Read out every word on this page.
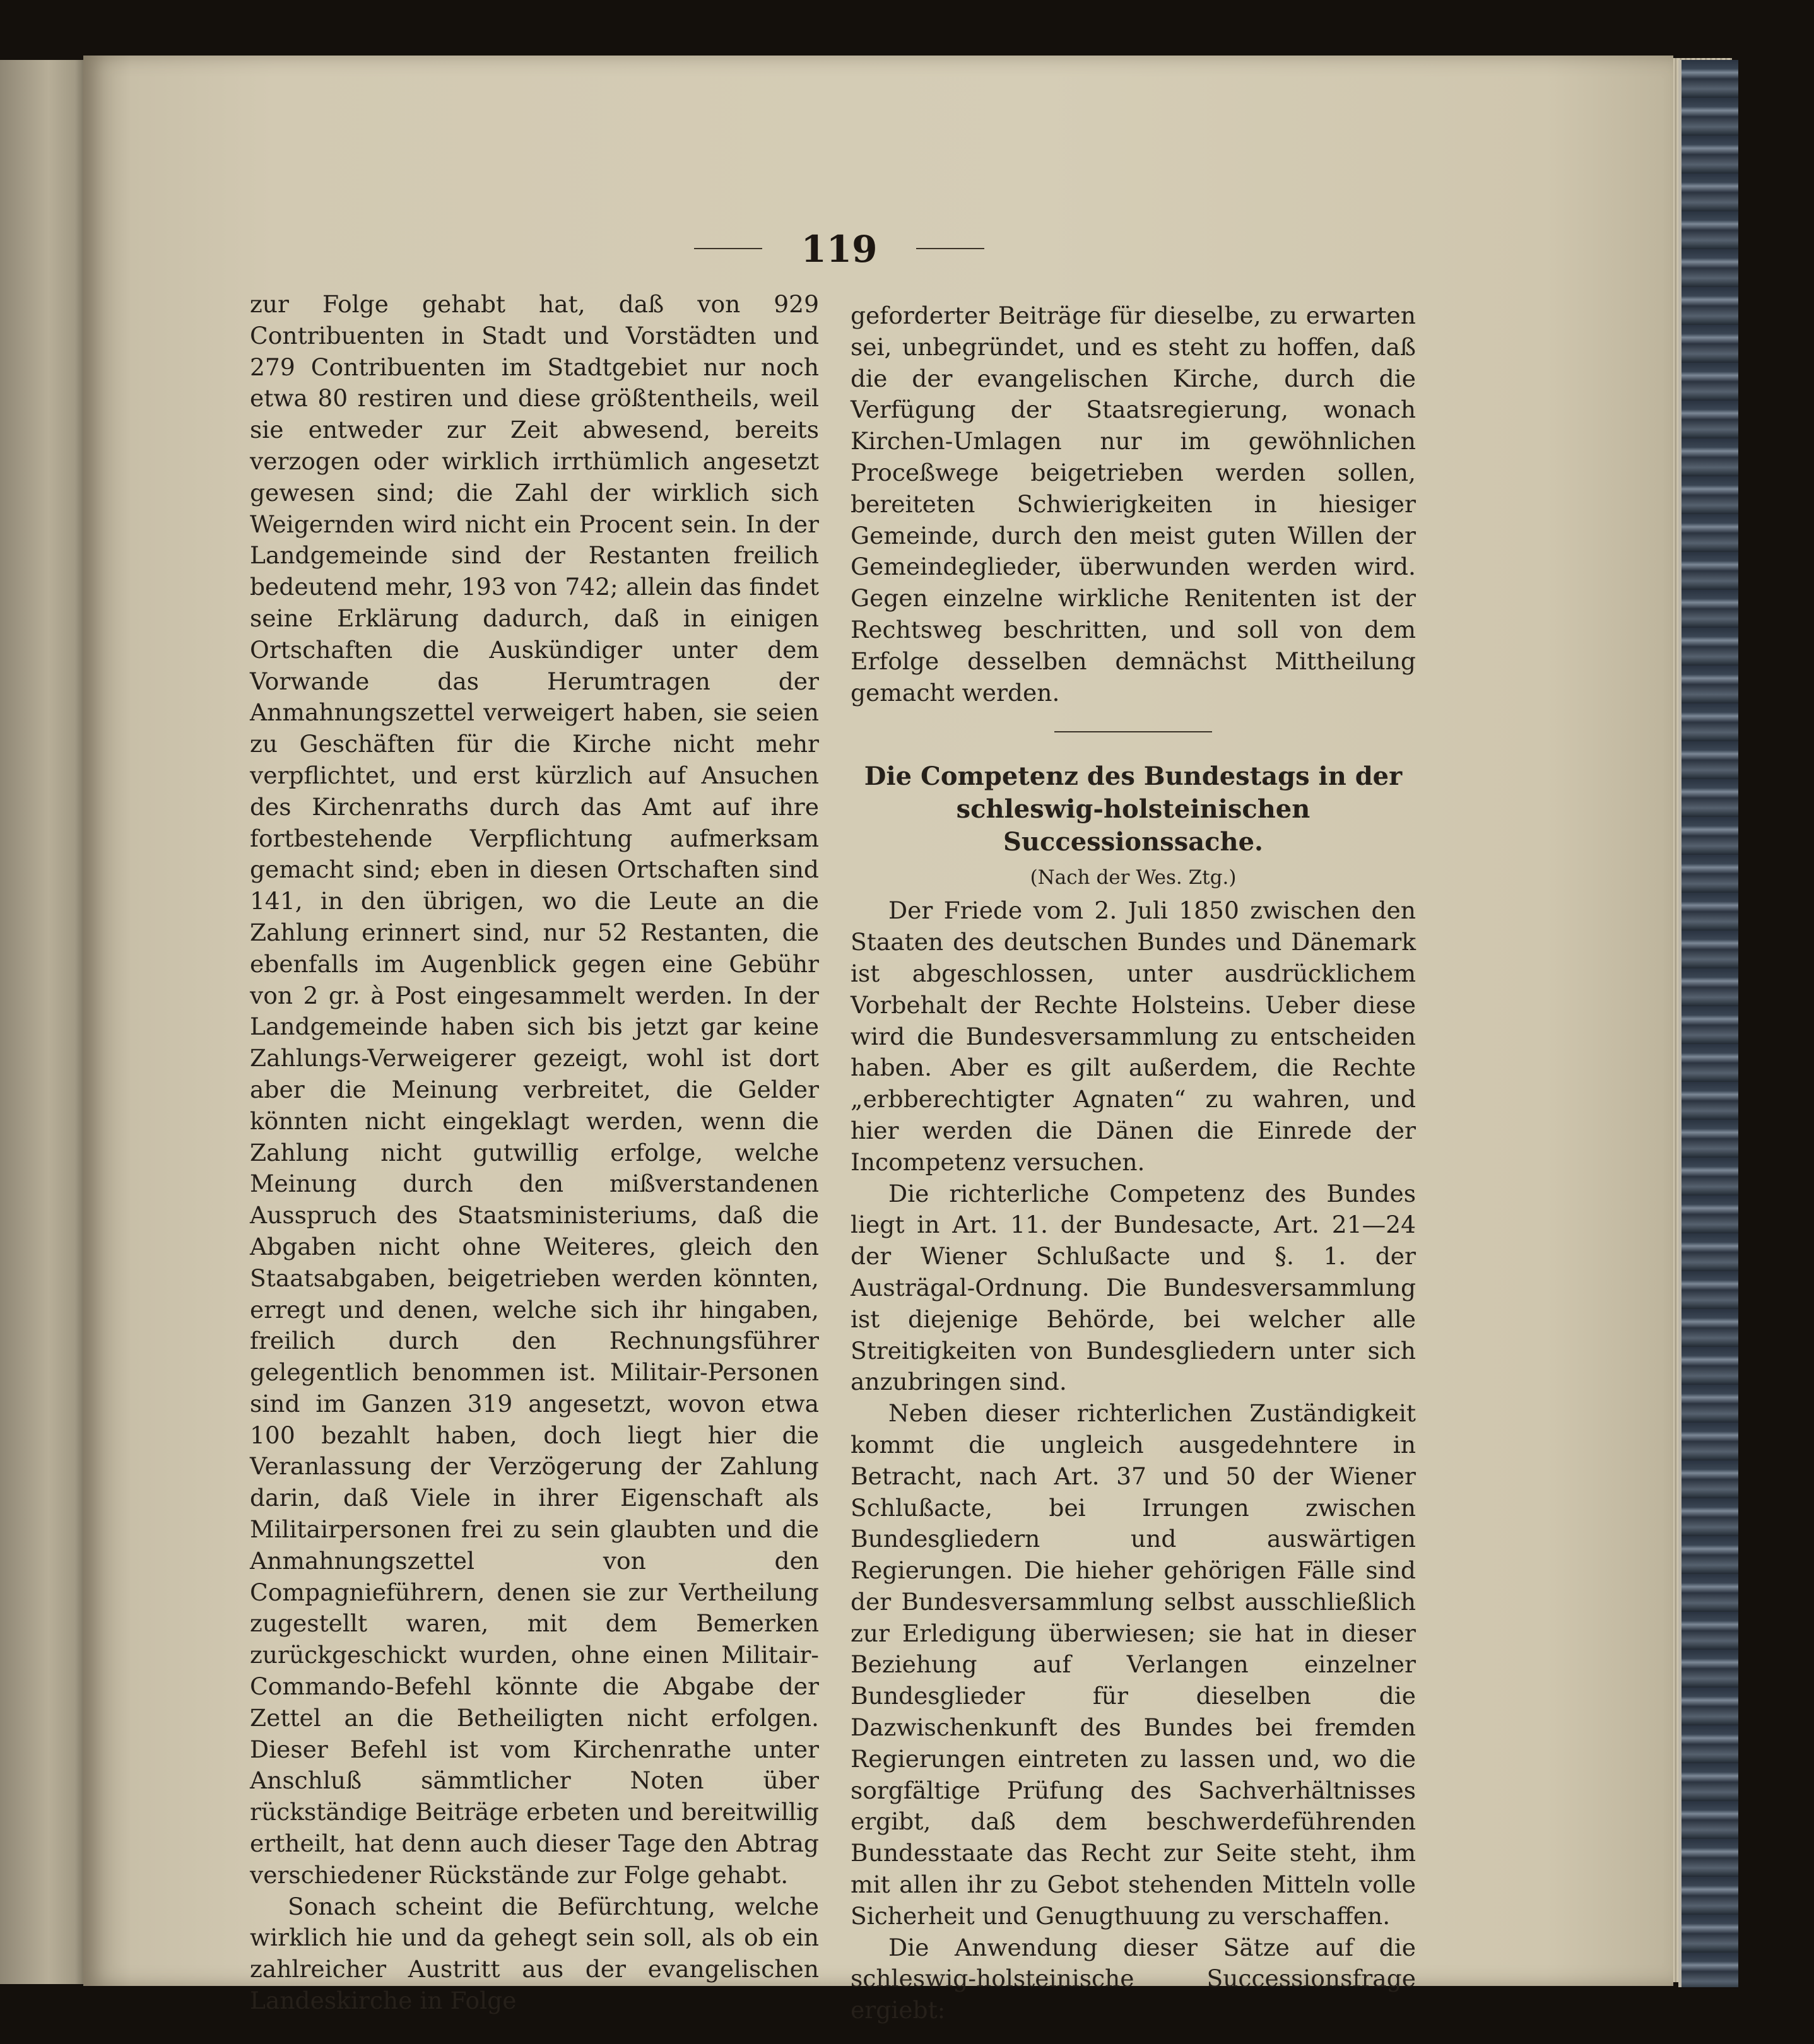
119

zur Folge gehabt hat, daß von 929 Contribuenten in Stadt und Vorstädten und 279 Contribuenten im Stadtgebiet nur noch etwa 80 restiren und diese größtentheils, weil sie entweder zur Zeit abwesend, bereits verzogen oder wirklich irrthümlich angesetzt gewesen sind; die Zahl der wirklich sich Weigernden wird nicht ein Procent sein. In der Landgemeinde sind der Restanten freilich bedeutend mehr, 193 von 742; allein das findet seine Erklärung dadurch, daß in einigen Ortschaften die Auskündiger unter dem Vorwande das Herumtragen der Anmahnungszettel verweigert haben, sie seien zu Geschäften für die Kirche nicht mehr verpflichtet, und erst kürzlich auf Ansuchen des Kirchenraths durch das Amt auf ihre fortbestehende Verpflichtung aufmerksam gemacht sind; eben in diesen Ortschaften sind 141, in den übrigen, wo die Leute an die Zahlung erinnert sind, nur 52 Restanten, die ebenfalls im Augenblick gegen eine Gebühr von 2 gr. à Post eingesammelt werden. In der Landgemeinde haben sich bis jetzt gar keine Zahlungs-Verweigerer gezeigt, wohl ist dort aber die Meinung verbreitet, die Gelder könnten nicht eingeklagt werden, wenn die Zahlung nicht gutwillig erfolge, welche Meinung durch den mißverstandenen Ausspruch des Staatsministeriums, daß die Abgaben nicht ohne Weiteres, gleich den Staatsabgaben, beigetrieben werden könnten, erregt und denen, welche sich ihr hingaben, freilich durch den Rechnungsführer gelegentlich benommen ist. Militair-Personen sind im Ganzen 319 angesetzt, wovon etwa 100 bezahlt haben, doch liegt hier die Veranlassung der Verzögerung der Zahlung darin, daß Viele in ihrer Eigenschaft als Militairpersonen frei zu sein glaubten und die Anmahnungszettel von den Compagnieführern, denen sie zur Vertheilung zugestellt waren, mit dem Bemerken zurückgeschickt wurden, ohne einen Militair-Commando-Befehl könnte die Abgabe der Zettel an die Betheiligten nicht erfolgen. Dieser Befehl ist vom Kirchenrathe unter Anschluß sämmtlicher Noten über rückständige Beiträge erbeten und bereitwillig ertheilt, hat denn auch dieser Tage den Abtrag verschiedener Rückstände zur Folge gehabt.

Sonach scheint die Befürchtung, welche wirklich hie und da gehegt sein soll, als ob ein zahlreicher Austritt aus der evangelischen Landeskirche in Folge

geforderter Beiträge für dieselbe, zu erwarten sei, unbegründet, und es steht zu hoffen, daß die der evangelischen Kirche, durch die Verfügung der Staatsregierung, wonach Kirchen-Umlagen nur im gewöhnlichen Proceßwege beigetrieben werden sollen, bereiteten Schwierigkeiten in hiesiger Gemeinde, durch den meist guten Willen der Gemeindeglieder, überwunden werden wird. Gegen einzelne wirkliche Renitenten ist der Rechtsweg beschritten, und soll von dem Erfolge desselben demnächst Mittheilung gemacht werden.

Die Competenz des Bundestags in der schleswig-holsteinischen Successionssache.
(Nach der Wes. Ztg.)

Der Friede vom 2. Juli 1850 zwischen den Staaten des deutschen Bundes und Dänemark ist abgeschlossen, unter ausdrücklichem Vorbehalt der Rechte Holsteins. Ueber diese wird die Bundesversammlung zu entscheiden haben. Aber es gilt außerdem, die Rechte „erbberechtigter Agnaten“ zu wahren, und hier werden die Dänen die Einrede der Incompetenz versuchen.

Die richterliche Competenz des Bundes liegt in Art. 11. der Bundesacte, Art. 21—24 der Wiener Schlußacte und §. 1. der Austrägal-Ordnung. Die Bundesversammlung ist diejenige Behörde, bei welcher alle Streitigkeiten von Bundesgliedern unter sich anzubringen sind.

Neben dieser richterlichen Zuständigkeit kommt die ungleich ausgedehntere in Betracht, nach Art. 37 und 50 der Wiener Schlußacte, bei Irrungen zwischen Bundesgliedern und auswärtigen Regierungen. Die hieher gehörigen Fälle sind der Bundesversammlung selbst ausschließlich zur Erledigung überwiesen; sie hat in dieser Beziehung auf Verlangen einzelner Bundesglieder für dieselben die Dazwischenkunft des Bundes bei fremden Regierungen eintreten zu lassen und, wo die sorgfältige Prüfung des Sachverhältnisses ergibt, daß dem beschwerdeführenden Bundesstaate das Recht zur Seite steht, ihm mit allen ihr zu Gebot stehenden Mitteln volle Sicherheit und Genugthuung zu verschaffen.

Die Anwendung dieser Sätze auf die schleswig-holsteinische Successionsfrage ergiebt:
